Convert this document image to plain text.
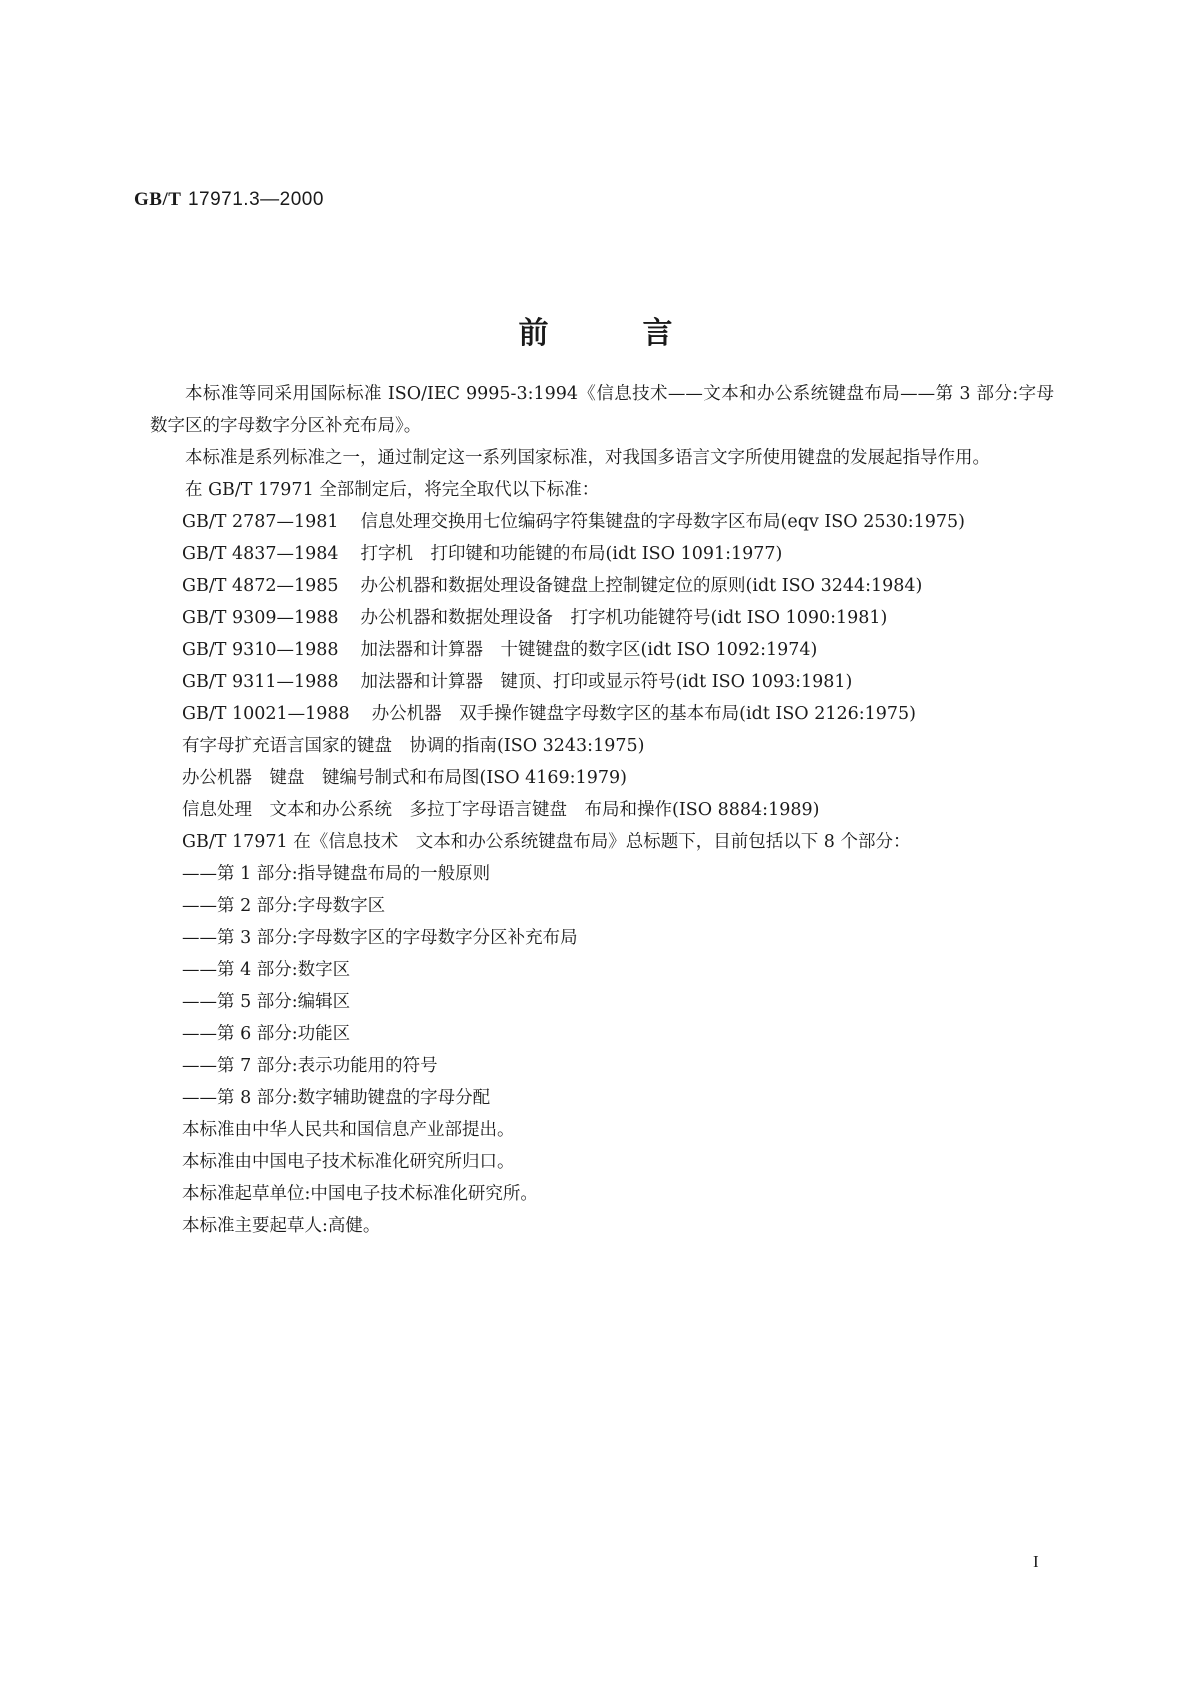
GB/T 17971.3—2000
前	言

本标准等同采用国际标准 ISO/IEC 9995-3:1994《信息技术——文本和办公系统键盘布局——第 3 部分:字母数字区的字母数字分区补充布局》。

本标准是系列标准之一，通过制定这一系列国家标准，对我国多语言文字所使用键盘的发展起指导作用。

在 GB/T 17971 全部制定后，将完全取代以下标准：

GB/T 2787—1981 信息处理交换用七位编码字符集键盘的字母数字区布局(eqv ISO 2530:1975)
GB/T 4837—1984 打字机　打印键和功能键的布局(idt ISO 1091:1977)
GB/T 4872—1985 办公机器和数据处理设备键盘上控制键定位的原则(idt ISO 3244:1984)
GB/T 9309—1988 办公机器和数据处理设备　打字机功能键符号(idt ISO 1090:1981)
GB/T 9310—1988 加法器和计算器　十键键盘的数字区(idt ISO 1092:1974)
GB/T 9311—1988 加法器和计算器　键顶、打印或显示符号(idt ISO 1093:1981)
GB/T 10021—1988 办公机器　双手操作键盘字母数字区的基本布局(idt ISO 2126:1975)

有字母扩充语言国家的键盘　协调的指南(ISO 3243:1975)

办公机器　键盘　键编号制式和布局图(ISO 4169:1979)

信息处理　文本和办公系统　多拉丁字母语言键盘　布局和操作(ISO 8884:1989)

GB/T 17971 在《信息技术　文本和办公系统键盘布局》总标题下，目前包括以下 8 个部分：

——第 1 部分:指导键盘布局的一般原则

——第 2 部分:字母数字区

——第 3 部分:字母数字区的字母数字分区补充布局

——第 4 部分:数字区

——第 5 部分:编辑区

——第 6 部分:功能区

——第 7 部分:表示功能用的符号

——第 8 部分:数字辅助键盘的字母分配

本标准由中华人民共和国信息产业部提出。

本标准由中国电子技术标准化研究所归口。

本标准起草单位:中国电子技术标准化研究所。

本标准主要起草人:高健。

I
